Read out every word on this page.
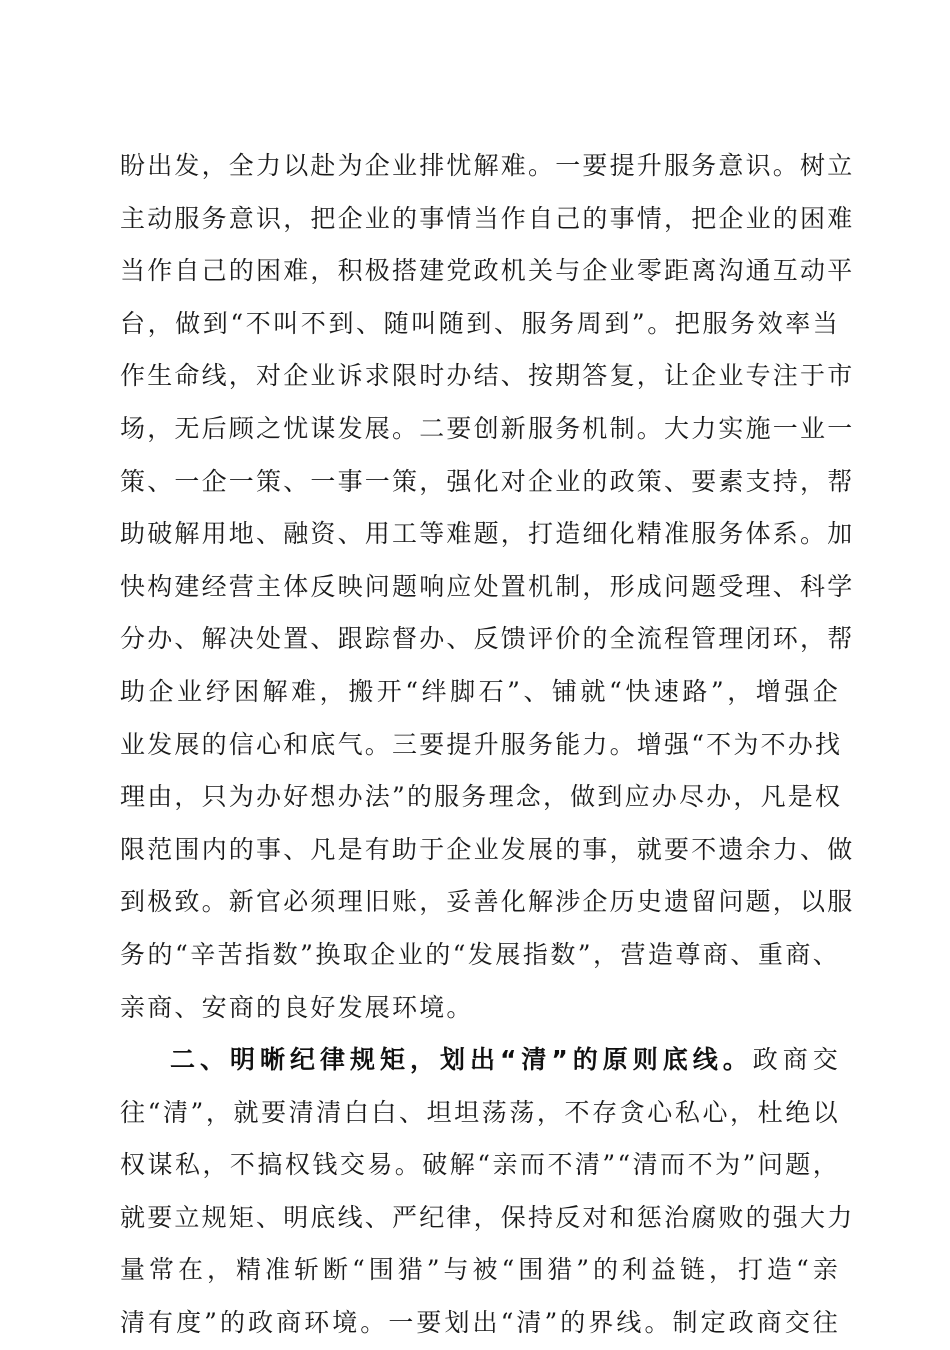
盼出发，全力以赴为企业排忧解难。一要提升服务意识。树立
主动服务意识，把企业的事情当作自己的事情，把企业的困难
当作自己的困难，积极搭建党政机关与企业零距离沟通互动平
台，做到“不叫不到、随叫随到、服务周到”。把服务效率当
作生命线，对企业诉求限时办结、按期答复，让企业专注于市
场，无后顾之忧谋发展。二要创新服务机制。大力实施一业一
策、一企一策、一事一策，强化对企业的政策、要素支持，帮
助破解用地、融资、用工等难题，打造细化精准服务体系。加
快构建经营主体反映问题响应处置机制，形成问题受理、科学
分办、解决处置、跟踪督办、反馈评价的全流程管理闭环，帮
助企业纾困解难，搬开“绊脚石”、铺就“快速路”，增强企
业发展的信心和底气。三要提升服务能力。增强“不为不办找
理由，只为办好想办法”的服务理念，做到应办尽办，凡是权
限范围内的事、凡是有助于企业发展的事，就要不遗余力、做
到极致。新官必须理旧账，妥善化解涉企历史遗留问题，以服
务的“辛苦指数”换取企业的“发展指数”，营造尊商、重商、
亲商、安商的良好发展环境。
二、明晰纪律规矩，划出“清”的原则底线。政商交
往“清”，就要清清白白、坦坦荡荡，不存贪心私心，杜绝以
权谋私，不搞权钱交易。破解“亲而不清”“清而不为”问题，
就要立规矩、明底线、严纪律，保持反对和惩治腐败的强大力
量常在，精准斩断“围猎”与被“围猎”的利益链，打造“亲
清有度”的政商环境。一要划出“清”的界线。制定政商交往
